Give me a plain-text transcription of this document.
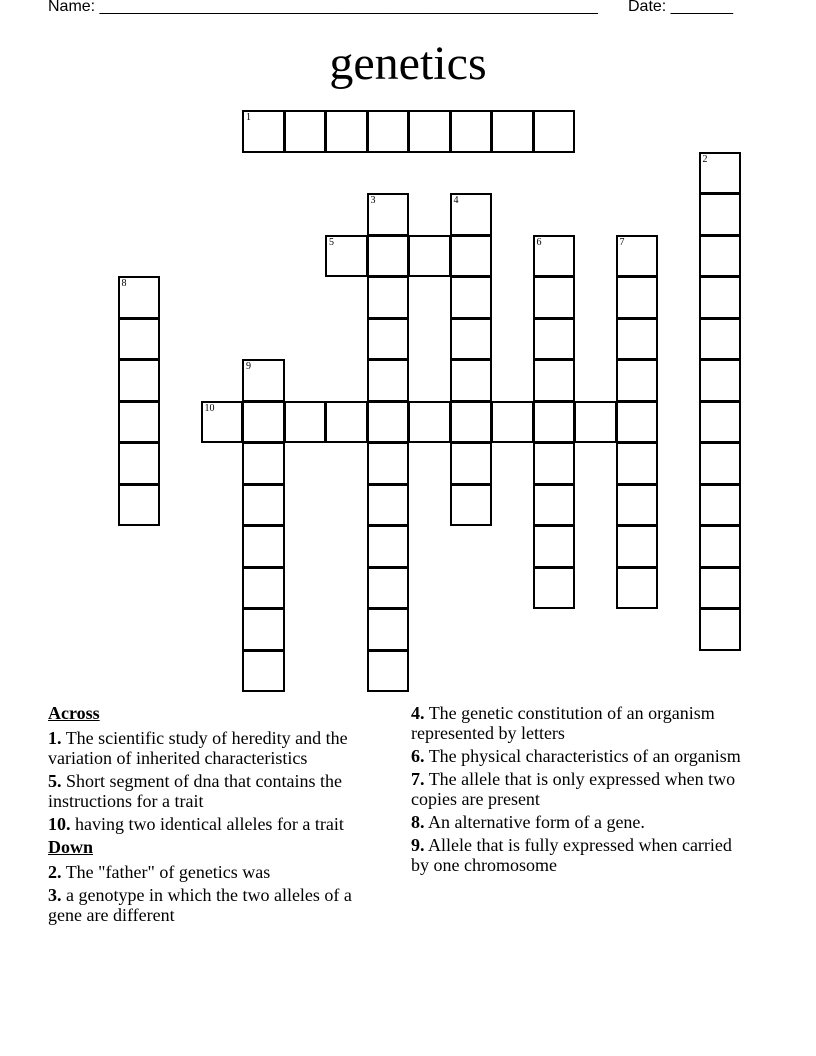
Name: ________________________________________________________ Date: _______
genetics
1
2
3	4
5	6	7
8
9
10
Across
1. The scientific study of heredity and the variation of inherited characteristics
5. Short segment of dna that contains the instructions for a trait
10. having two identical alleles for a trait
Down
2. The "father" of genetics was
3. a genotype in which the two alleles of a gene are different
4. The genetic constitution of an organism represented by letters
6. The physical characteristics of an organism
7. The allele that is only expressed when two copies are present
8. An alternative form of a gene.
9. Allele that is fully expressed when carried by one chromosome
